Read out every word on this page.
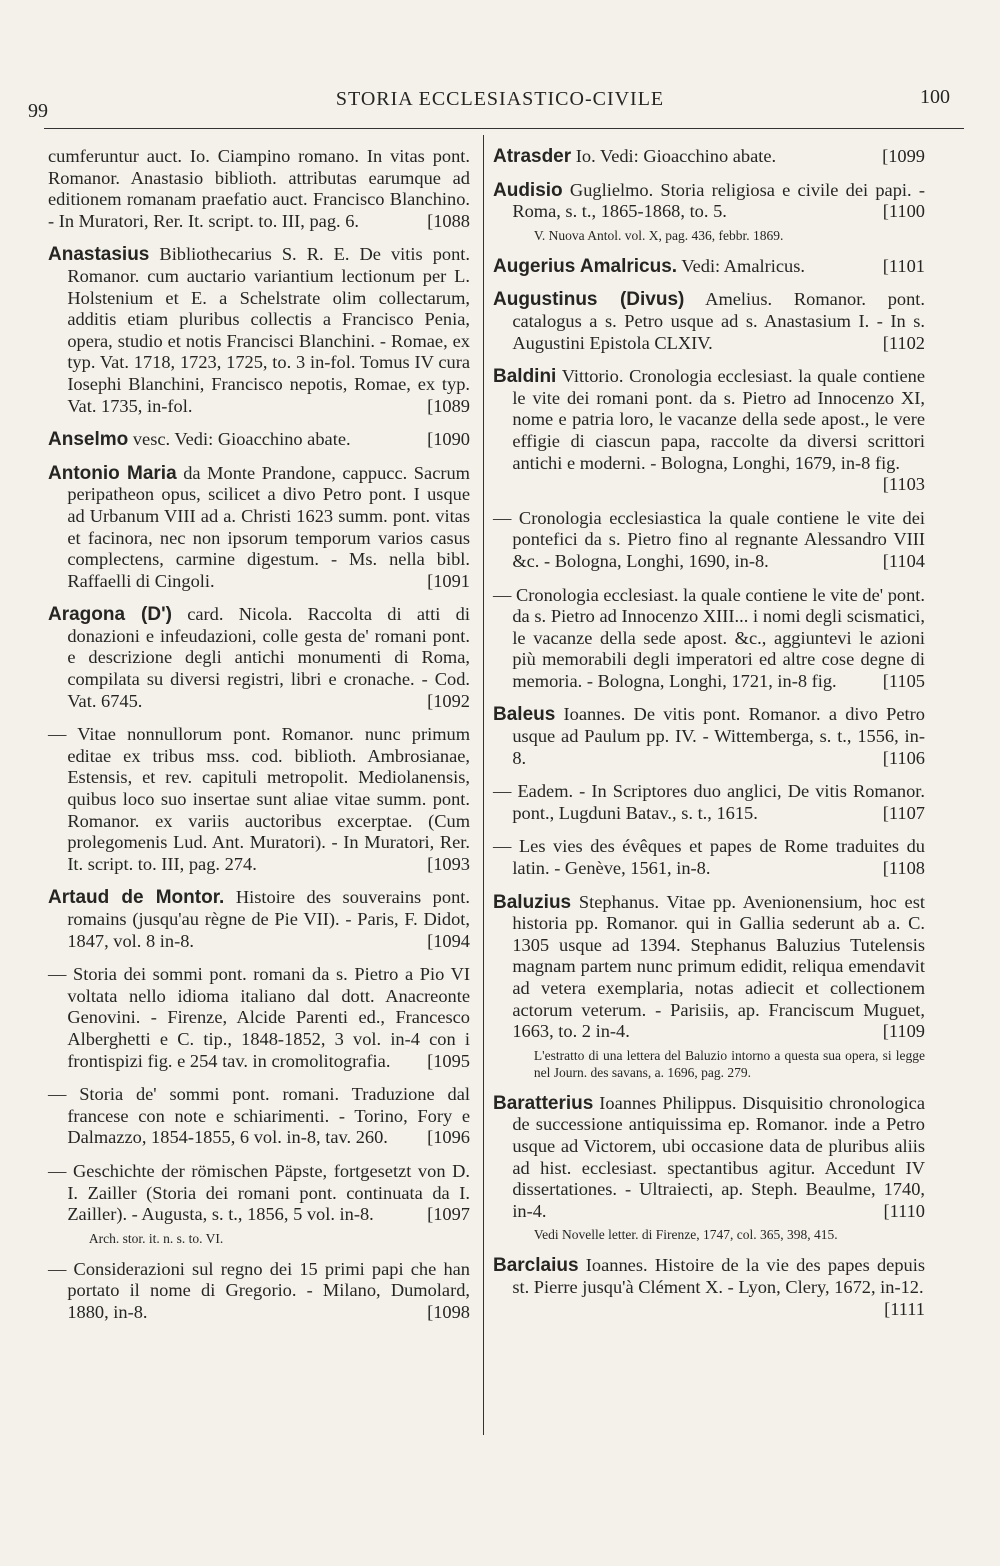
99
STORIA ECCLESIASTICO-CIVILE	100
cumferuntur auct. Io. Ciampino romano. In vitas pont. Romanor. Anastasio biblioth. attributas earumque ad editionem romanam praefatio auct. Francisco Blanchino. - In Muratori, Rer. It. script. to. III, pag. 6.	[1088
Anastasius Bibliothecarius S. R. E. De vitis pont. Romanor. cum auctario variantium lectionum per L. Holstenium et E. a Schelstrate olim collectarum, additis etiam pluribus collectis a Francisco Penia, opera, studio et notis Francisci Blanchini. - Romae, ex typ. Vat. 1718, 1723, 1725, to. 3 in-fol. Tomus IV cura Iosephi Blanchini, Francisco nepotis, Romae, ex typ. Vat. 1735, in-fol.	[1089
Anselmo vesc. Vedi: Gioacchino abate.	[1090
Antonio Maria da Monte Prandone, cappucc. Sacrum peripatheon opus, scilicet a divo Petro pont. I usque ad Urbanum VIII ad a. Christi 1623 summ. pont. vitas et facinora, nec non ipsorum temporum varios casus complectens, carmine digestum. - Ms. nella bibl. Raffaelli di Cingoli.	[1091
Aragona (D') card. Nicola. Raccolta di atti di donazioni e infeudazioni, colle gesta de' romani pont. e descrizione degli antichi monumenti di Roma, compilata su diversi registri, libri e cronache. - Cod. Vat. 6745.	[1092
— Vitae nonnullorum pont. Romanor. nunc primum editae ex tribus mss. cod. biblioth. Ambrosianae, Estensis, et rev. capituli metropolit. Mediolanensis, quibus loco suo insertae sunt aliae vitae summ. pont. Romanor. ex variis auctoribus excerptae. (Cum prolegomenis Lud. Ant. Muratori). - In Muratori, Rer. It. script. to. III, pag. 274.	[1093
Artaud de Montor. Histoire des souverains pont. romains (jusqu'au règne de Pie VII). - Paris, F. Didot, 1847, vol. 8 in-8.	[1094
— Storia dei sommi pont. romani da s. Pietro a Pio VI voltata nello idioma italiano dal dott. Anacreonte Genovini. - Firenze, Alcide Parenti ed., Francesco Alberghetti e C. tip., 1848-1852, 3 vol. in-4 con i frontispizi fig. e 254 tav. in cromolitografia. [1095
— Storia de' sommi pont. romani. Traduzione dal francese con note e schiarimenti. - Torino, Fory e Dalmazzo, 1854-1855, 6 vol. in-8, tav. 260. [1096
— Geschichte der römischen Päpste, fortgesetzt von D. I. Zailler (Storia dei romani pont. continuata da I. Zailler). - Augusta, s. t., 1856, 5 vol. in-8.	[1097
Arch. stor. it. n. s. to. VI.
— Considerazioni sul regno dei 15 primi papi che han portato il nome di Gregorio. - Milano, Dumolard, 1880, in-8.	[1098
Atrasder Io. Vedi: Gioacchino abate.	[1099
Audisio Guglielmo. Storia religiosa e civile dei papi. - Roma, s. t., 1865-1868, to. 5.	[1100
V. Nuova Antol. vol. X, pag. 436, febbr. 1869.
Augerius Amalricus. Vedi: Amalricus.	[1101
Augustinus (Divus) Amelius. Romanor. pont. catalogus a s. Petro usque ad s. Anastasium I. - In s. Augustini Epistola CLXIV.	[1102
Baldini Vittorio. Cronologia ecclesiast. la quale contiene le vite dei romani pont. da s. Pietro ad Innocenzo XI, nome e patria loro, le vacanze della sede apost., le vere effigie di ciascun papa, raccolte da diversi scrittori antichi e moderni. - Bologna, Longhi, 1679, in-8 fig.
[1103
— Cronologia ecclesiastica la quale contiene le vite dei pontefici da s. Pietro fino al regnante Alessandro VIII &c. - Bologna, Longhi, 1690, in-8.	[1104
— Cronologia ecclesiast. la quale contiene le vite de' pont. da s. Pietro ad Innocenzo XIII... i nomi degli scismatici, le vacanze della sede apost. &c., aggiuntevi le azioni più memorabili degli imperatori ed altre cose degne di memoria. - Bologna, Longhi, 1721, in-8 fig.	[1105
Baleus Ioannes. De vitis pont. Romanor. a divo Petro usque ad Paulum pp. IV. - Wittemberga, s. t., 1556, in-8.	[1106
— Eadem. - In Scriptores duo anglici, De vitis Romanor. pont., Lugduni Batav., s. t., 1615.	[1107
— Les vies des évêques et papes de Rome traduites du latin. - Genève, 1561, in-8.	[1108
Baluzius Stephanus. Vitae pp. Avenionensium, hoc est historia pp. Romanor. qui in Gallia sederunt ab a. C. 1305 usque ad 1394. Stephanus Baluzius Tutelensis magnam partem nunc primum edidit, reliqua emendavit ad vetera exemplaria, notas adiecit et collectionem actorum veterum. - Parisiis, ap. Franciscum Muguet, 1663, to. 2 in-4.	[1109
L'estratto di una lettera del Baluzio intorno a questa sua opera, si legge nel Journ. des savans, a. 1696, pag. 279.
Baratterius Ioannes Philippus. Disquisitio chronologica de successione antiquissima ep. Romanor. inde a Petro usque ad Victorem, ubi occasione data de pluribus aliis ad hist. ecclesiast. spectantibus agitur. Accedunt IV dissertationes. - Ultraiecti, ap. Steph. Beaulme, 1740, in-4.	[1110
Vedi Novelle letter. di Firenze, 1747, col. 365, 398, 415.
Barclaius Ioannes. Histoire de la vie des papes depuis st. Pierre jusqu'à Clément X. - Lyon, Clery, 1672, in-12.
[1111
